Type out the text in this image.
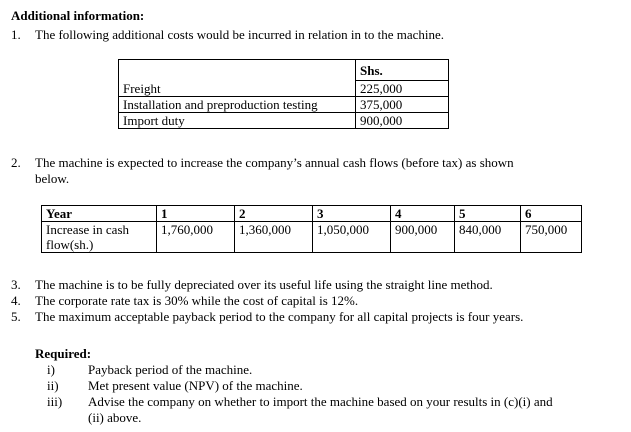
Additional information:
1. The following additional costs would be incurred in relation in to the machine.
	Shs.
Freight	225,000
Installation and preproduction testing	375,000
Import duty	900,000
2. The machine is expected to increase the company’s annual cash flows (before tax) as shown
below.
Year	1	2	3	4	5	6

Increase in cash
flow(sh.)	1,760,000	1,360,000	1,050,000	900,000	840,000	750,000
3. The machine is to be fully depreciated over its useful life using the straight line method.
4. The corporate rate tax is 30% while the cost of capital is 12%.
5. The maximum acceptable payback period to the company for all capital projects is four years.
Required:
i)	Payback period of the machine.
ii) Met present value (NPV) of the machine.
iii) Advise the company on whether to import the machine based on your results in (c)(i) and
(ii) above.
